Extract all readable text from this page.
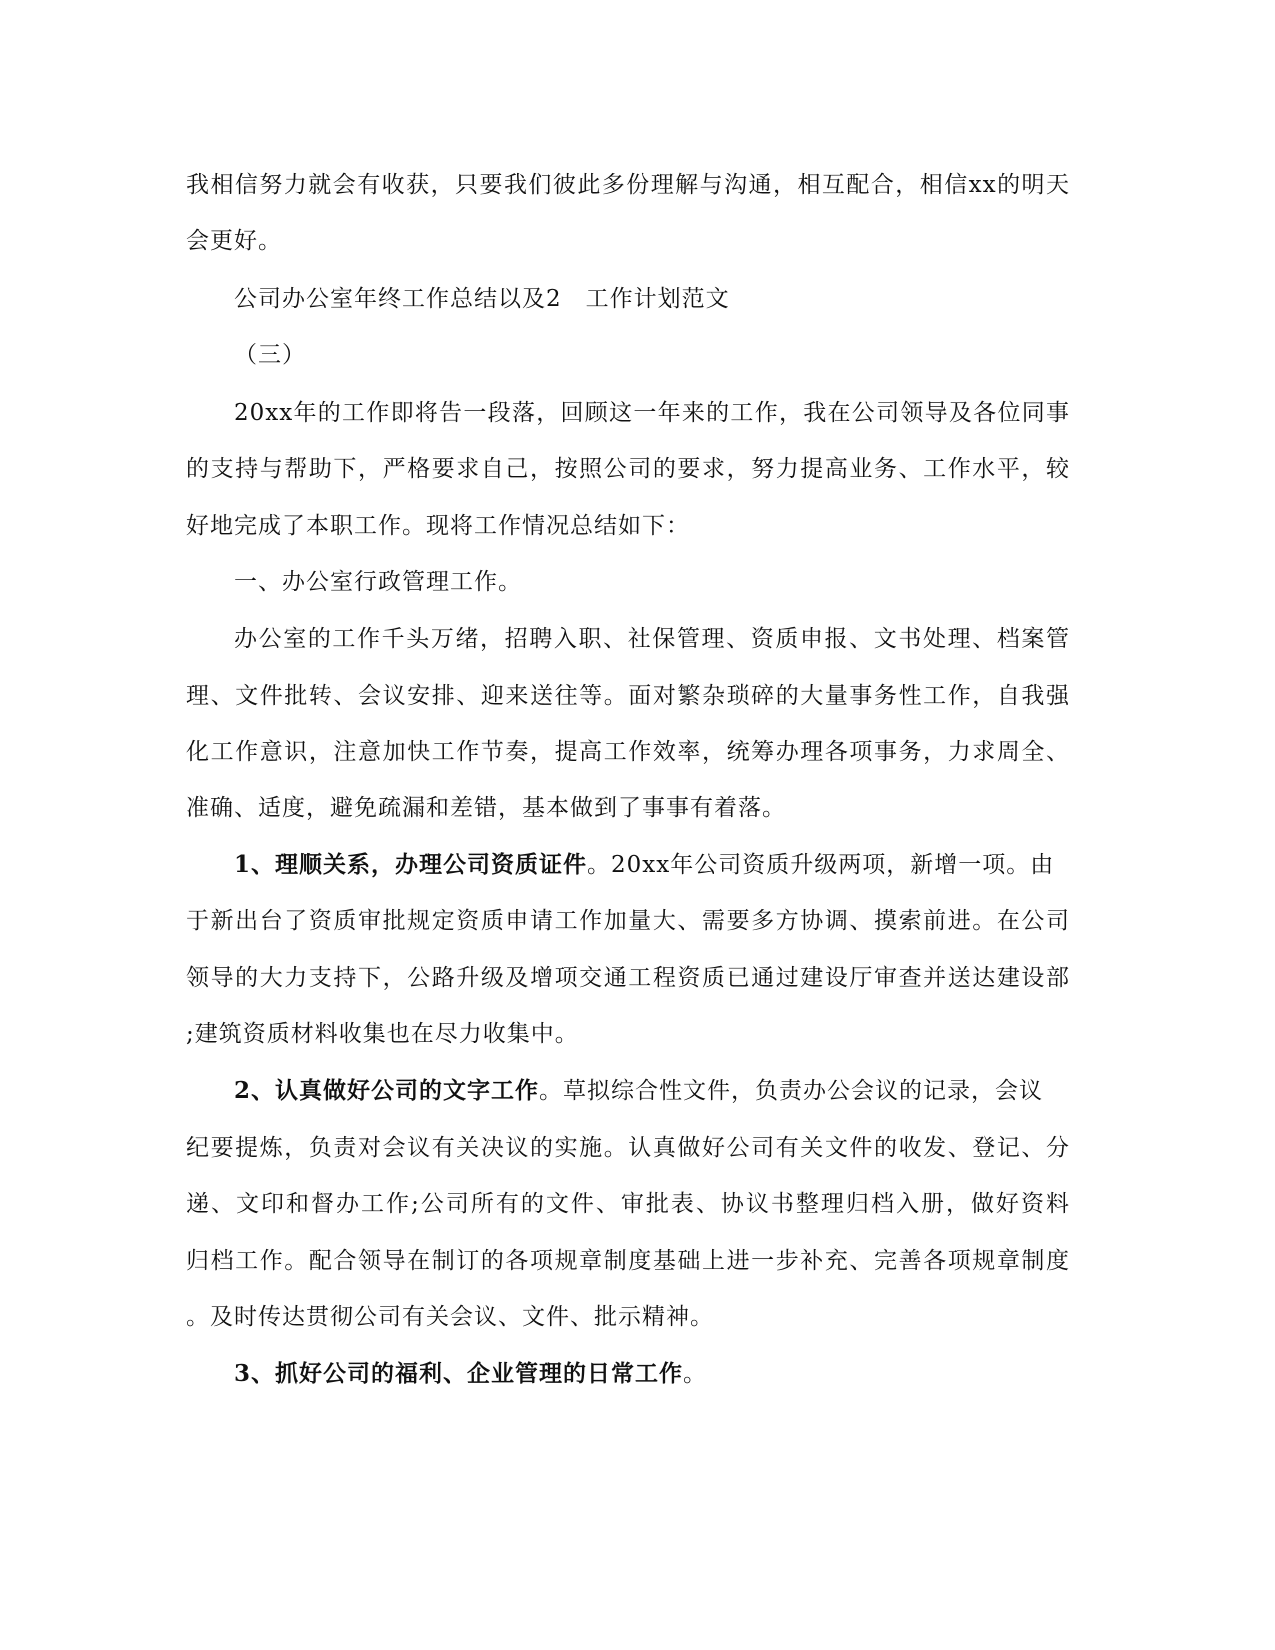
我相信努力就会有收获，只要我们彼此多份理解与沟通，相互配合，相信xx的明天
会更好。
公司办公室年终工作总结以及2　工作计划范文
（三）
20xx年的工作即将告一段落，回顾这一年来的工作，我在公司领导及各位同事
的支持与帮助下，严格要求自己，按照公司的要求，努力提高业务、工作水平，较
好地完成了本职工作。现将工作情况总结如下：
一、办公室行政管理工作。
办公室的工作千头万绪，招聘入职、社保管理、资质申报、文书处理、档案管
理、文件批转、会议安排、迎来送往等。面对繁杂琐碎的大量事务性工作，自我强
化工作意识，注意加快工作节奏，提高工作效率，统筹办理各项事务，力求周全、
准确、适度，避免疏漏和差错，基本做到了事事有着落。
1、理顺关系，办理公司资质证件。20xx年公司资质升级两项，新增一项。由
于新出台了资质审批规定资质申请工作加量大、需要多方协调、摸索前进。在公司
领导的大力支持下，公路升级及增项交通工程资质已通过建设厅审查并送达建设部
;建筑资质材料收集也在尽力收集中。
2、认真做好公司的文字工作。草拟综合性文件，负责办公会议的记录，会议
纪要提炼，负责对会议有关决议的实施。认真做好公司有关文件的收发、登记、分
递、文印和督办工作;公司所有的文件、审批表、协议书整理归档入册，做好资料
归档工作。配合领导在制订的各项规章制度基础上进一步补充、完善各项规章制度
。及时传达贯彻公司有关会议、文件、批示精神。
3、抓好公司的福利、企业管理的日常工作。
